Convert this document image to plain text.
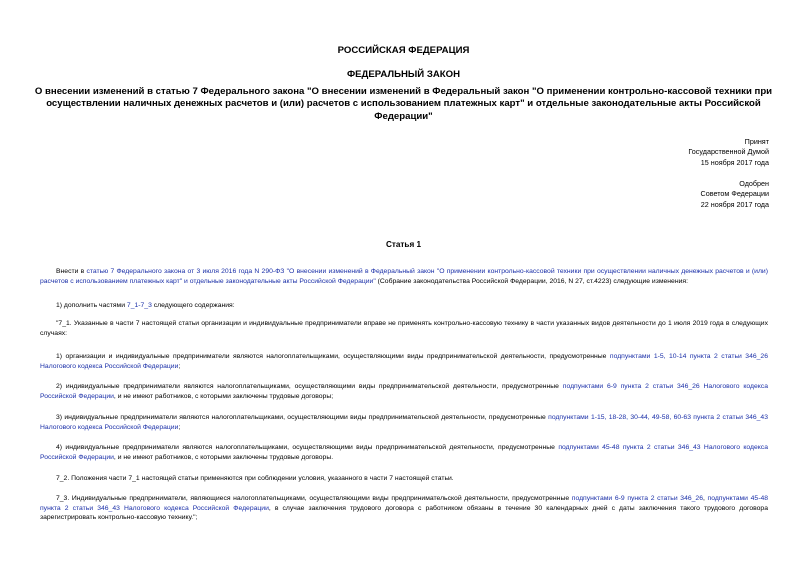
РОССИЙСКАЯ ФЕДЕРАЦИЯ
ФЕДЕРАЛЬНЫЙ ЗАКОН
О внесении изменений в статью 7 Федерального закона "О внесении изменений в Федеральный закон "О применении контрольно-кассовой техники при
осуществлении наличных денежных расчетов и (или) расчетов с использованием платежных карт" и отдельные законодательные акты Российской Федерации"
Принят
Государственной Думой
15 ноября 2017 года
Одобрен
Советом Федерации
22 ноября 2017 года
Статья 1

Внести в статью 7 Федерального закона от 3 июля 2016 года N 290-ФЗ "О внесении изменений в Федеральный закон "О применении контрольно-кассовой техники при осуществлении наличных денежных расчетов и (или) расчетов с использованием платежных карт" и отдельные законодательные акты Российской Федерации" (Собрание законодательства Российской Федерации, 2016, N 27, ст.4223) следующие изменения:

1) дополнить частями 7_1-7_3 следующего содержания:

"7_1. Указанные в части 7 настоящей статьи организации и индивидуальные предприниматели вправе не применять контрольно-кассовую технику в части указанных видов деятельности до 1 июля 2019 года в следующих случаях:

1) организации и индивидуальные предприниматели являются налогоплательщиками, осуществляющими виды предпринимательской деятельности, предусмотренные подпунктами 1-5, 10-14 пункта 2 статьи 346_26 Налогового кодекса Российской Федерации;

2) индивидуальные предприниматели являются налогоплательщиками, осуществляющими виды предпринимательской деятельности, предусмотренные подпунктами 6-9 пункта 2 статьи 346_26 Налогового кодекса Российской Федерации, и не имеют работников, с которыми заключены трудовые договоры;

3) индивидуальные предприниматели являются налогоплательщиками, осуществляющими виды предпринимательской деятельности, предусмотренные подпунктами 1-15, 18-28, 30-44, 49-58, 60-63 пункта 2 статьи 346_43 Налогового кодекса Российской Федерации;

4) индивидуальные предприниматели являются налогоплательщиками, осуществляющими виды предпринимательской деятельности, предусмотренные подпунктами 45-48 пункта 2 статьи 346_43 Налогового кодекса Российской Федерации, и не имеют работников, с которыми заключены трудовые договоры.

7_2. Положения части 7_1 настоящей статьи применяются при соблюдении условия, указанного в части 7 настоящей статьи.

7_3. Индивидуальные предприниматели, являющиеся налогоплательщиками, осуществляющими виды предпринимательской деятельности, предусмотренные подпунктами 6-9 пункта 2 статьи 346_26, подпунктами 45-48 пункта 2 статьи 346_43 Налогового кодекса Российской Федерации, в случае заключения трудового договора с работником обязаны в течение 30 календарных дней с даты заключения такого трудового договора зарегистрировать контрольно-кассовую технику.";
